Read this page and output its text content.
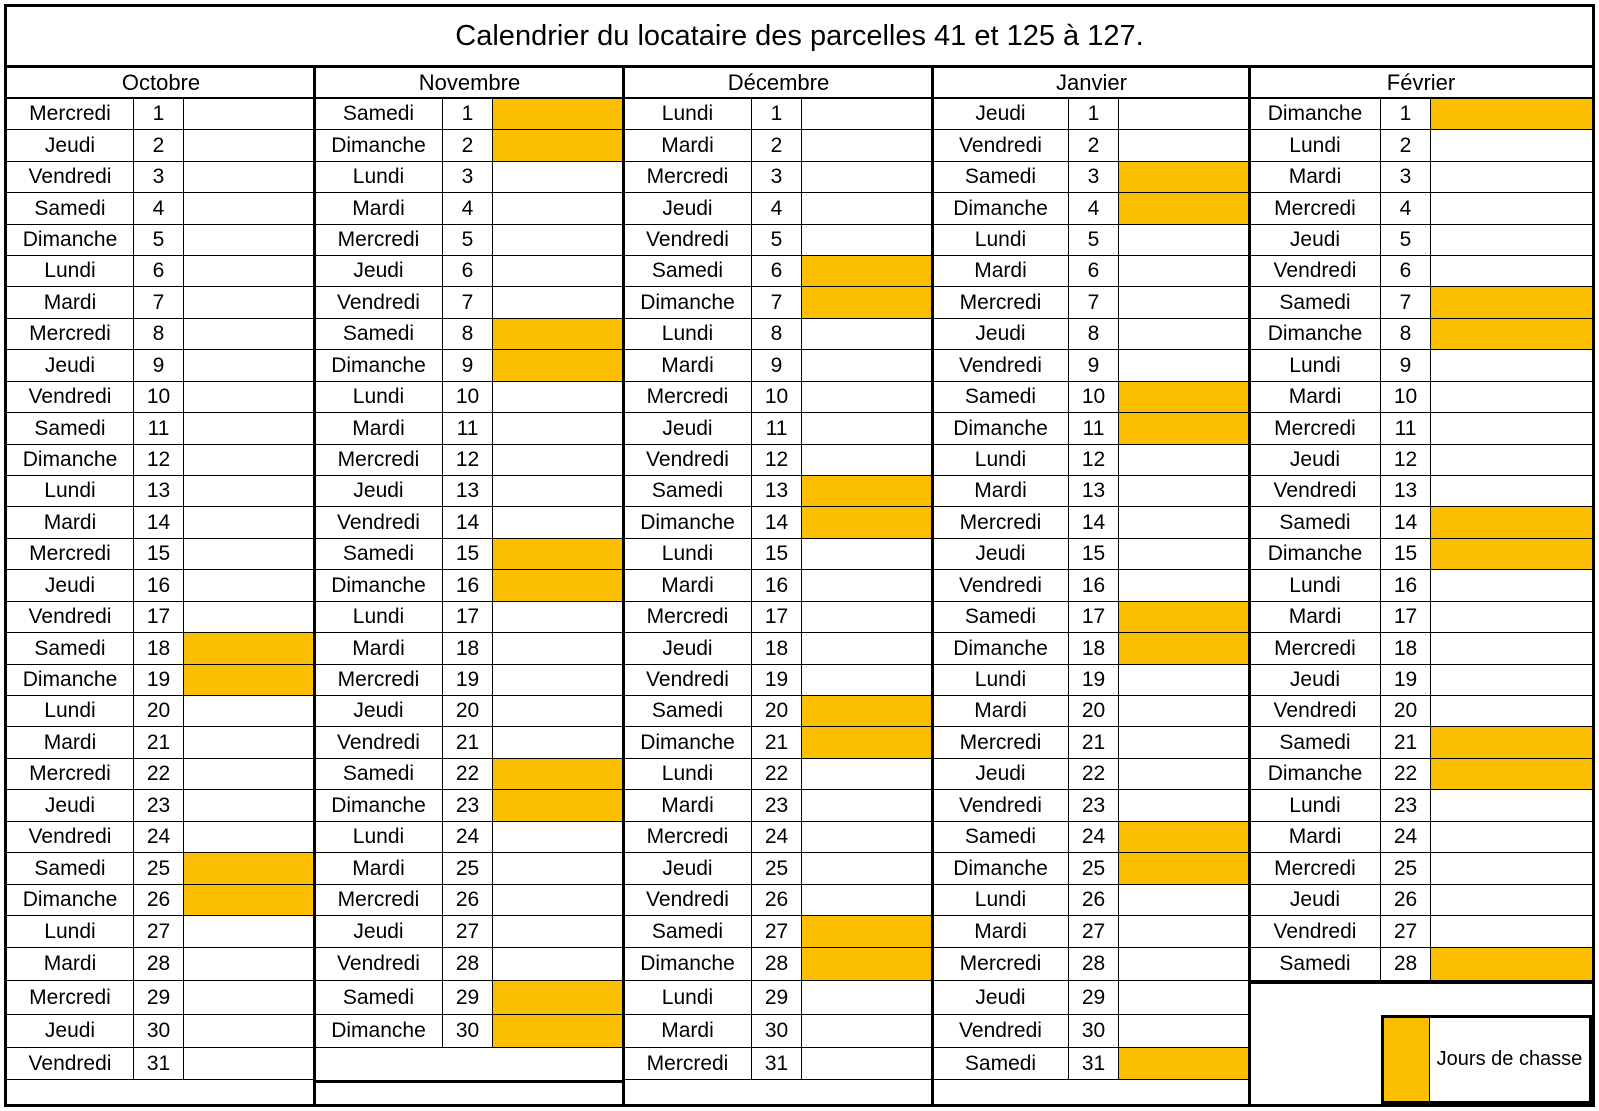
Calendrier du locataire des parcelles 41 et 125 à 127.
Octobre
Mercredi	1
Jeudi	2
Vendredi	3
Samedi	4
Dimanche	5
Lundi	6
Mardi	7
Mercredi	8
Jeudi	9
Vendredi	10
Samedi	11
Dimanche	12
Lundi	13
Mardi	14
Mercredi	15
Jeudi	16
Vendredi	17
Samedi	18
Dimanche	19
Lundi	20
Mardi	21
Mercredi	22
Jeudi	23
Vendredi	24
Samedi	25
Dimanche	26
Lundi	27
Mardi	28
Mercredi	29
Jeudi	30
Vendredi	31
Novembre
Samedi	1
Dimanche	2
Lundi	3
Mardi	4
Mercredi	5
Jeudi	6
Vendredi	7
Samedi	8
Dimanche	9
Lundi	10
Mardi	11
Mercredi	12
Jeudi	13
Vendredi	14
Samedi	15
Dimanche	16
Lundi	17
Mardi	18
Mercredi	19
Jeudi	20
Vendredi	21
Samedi	22
Dimanche	23
Lundi	24
Mardi	25
Mercredi	26
Jeudi	27
Vendredi	28
Samedi	29
Dimanche	30
Décembre
Lundi	1
Mardi	2
Mercredi	3
Jeudi	4
Vendredi	5
Samedi	6
Dimanche	7
Lundi	8
Mardi	9
Mercredi	10
Jeudi	11
Vendredi	12
Samedi	13
Dimanche	14
Lundi	15
Mardi	16
Mercredi	17
Jeudi	18
Vendredi	19
Samedi	20
Dimanche	21
Lundi	22
Mardi	23
Mercredi	24
Jeudi	25
Vendredi	26
Samedi	27
Dimanche	28
Lundi	29
Mardi	30
Mercredi	31
Janvier
Jeudi	1
Vendredi	2
Samedi	3
Dimanche	4
Lundi	5
Mardi	6
Mercredi	7
Jeudi	8
Vendredi	9
Samedi	10
Dimanche	11
Lundi	12
Mardi	13
Mercredi	14
Jeudi	15
Vendredi	16
Samedi	17
Dimanche	18
Lundi	19
Mardi	20
Mercredi	21
Jeudi	22
Vendredi	23
Samedi	24
Dimanche	25
Lundi	26
Mardi	27
Mercredi	28
Jeudi	29
Vendredi	30
Samedi	31
Février
Dimanche	1
Lundi	2
Mardi	3
Mercredi	4
Jeudi	5
Vendredi	6
Samedi	7
Dimanche	8
Lundi	9
Mardi	10
Mercredi	11
Jeudi	12
Vendredi	13
Samedi	14
Dimanche	15
Lundi	16
Mardi	17
Mercredi	18
Jeudi	19
Vendredi	20
Samedi	21
Dimanche	22
Lundi	23
Mardi	24
Mercredi	25
Jeudi	26
Vendredi	27
Samedi	28
Jours de chasse
